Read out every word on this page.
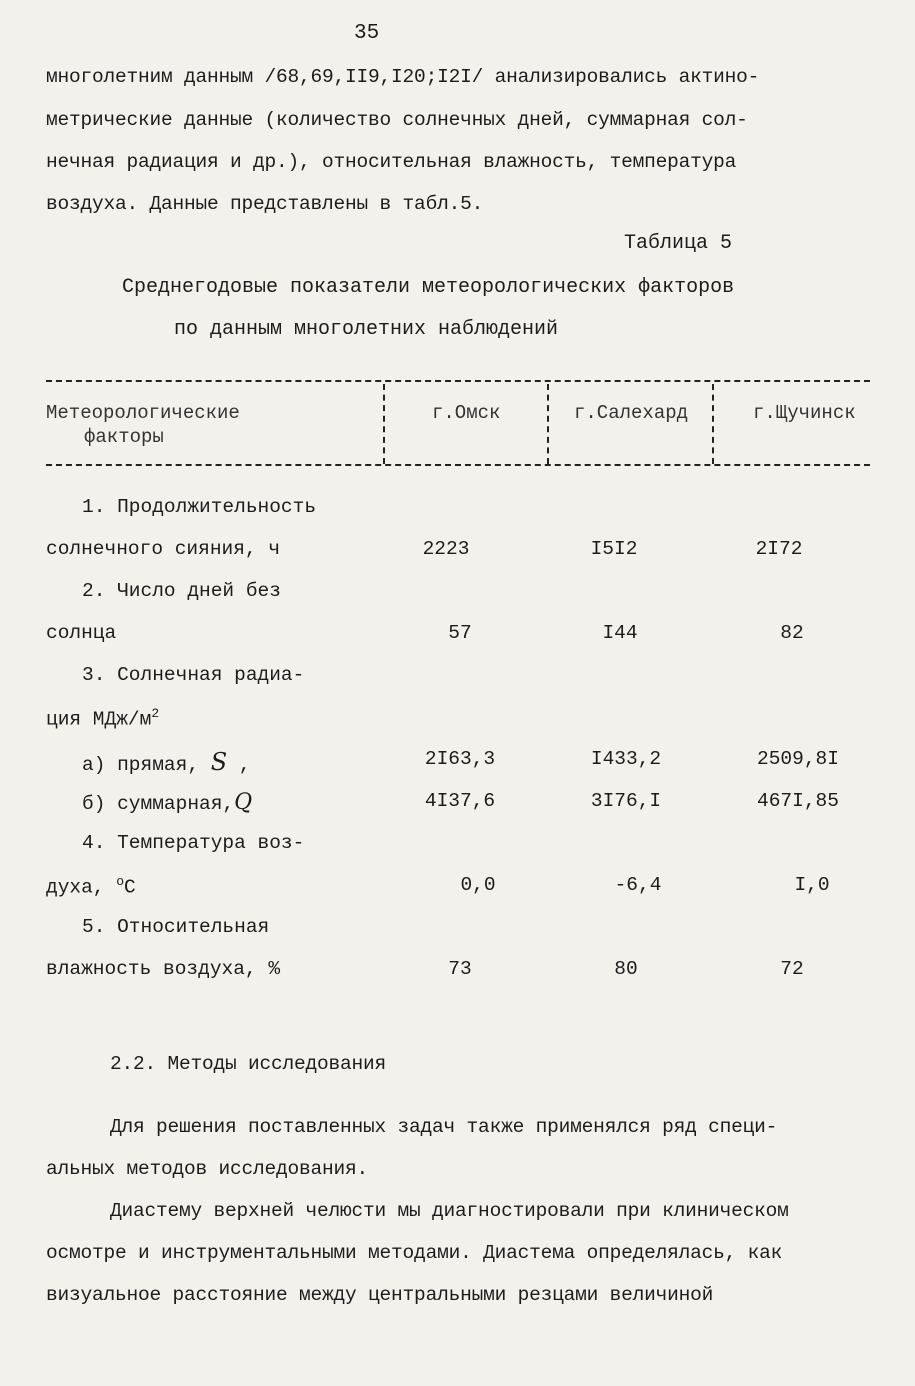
35
многолетним данным /68,69,II9,I20;I2I/ анализировались актино-
метрические данные (количество солнечных дней, суммарная сол-
нечная радиация и др.), относительная влажность, температура
воздуха. Данные представлены в табл.5.
Таблица 5
Среднегодовые показатели метеорологических факторов
по данным многолетних наблюдений
Метеорологические
факторы
г.Омск	г.Салехард	г.Щучинск
1. Продолжительность
солнечного сияния, ч	2223	I5I2	2I72
2. Число дней без
солнца	57	I44	82
3. Солнечная радиа-
ция МДж/$м^2$
а) прямая, S ,	2I63,3	I433,2	2509,8I
б) суммарная,Q	4I37,6	3I76,I	467I,85
4. Температура воз-
духа, $^o$C	0,0	-6,4	I,0
5. Относительная
влажность воздуха, %	73	80	72
2.2. Методы исследования
Для решения поставленных задач также применялся ряд специ-
альных методов исследования.
Диастему верхней челюсти мы диагностировали при клиническом
осмотре и инструментальными методами. Диастема определялась, как
визуальное расстояние между центральными резцами величиной
